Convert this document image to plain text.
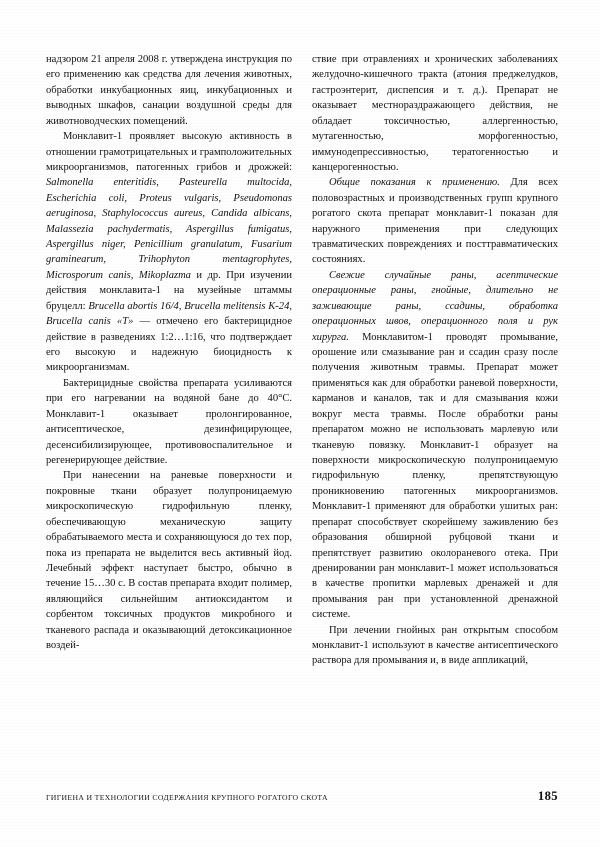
надзором 21 апреля 2008 г. утверждена инструкция по его применению как средства для лечения животных, обработки инкубационных яиц, инкубационных и выводных шкафов, санации воздушной среды для животноводческих помещений.

Монклавит-1 проявляет высокую активность в отношении грамотрицательных и грамположительных микроорганизмов, патогенных грибов и дрожжей: Salmonella enteritidis, Pasteurella multocida, Escherichia coli, Proteus vulgaris, Pseudomonas aeruginosa, Staphylococcus aureus, Candida albicans, Malassezia pachydermatis, Aspergillus fumigatus, Aspergillus niger, Penicillium granulatum, Fusarium graminearum, Trihophyton mentagrophytes, Microsporum canis, Mikoplazma и др. При изучении действия монклавита-1 на музейные штаммы бруцелл: Brucella abortis 16/4, Brucella melitensis K-24, Brucella canis «T» — отмечено его бактерицидное действие в разведениях 1:2…1:16, что подтверждает его высокую и надежную биоцидность к микроорганизмам.

Бактерицидные свойства препарата усиливаются при его нагревании на водяной бане до 40°С. Монклавит-1 оказывает пролонгированное, антисептическое, дезинфицирующее, десенсибилизирующее, противовоспалительное и регенерирующее действие.

При нанесении на раневые поверхности и покровные ткани образует полупроницаемую микроскопическую гидрофильную пленку, обеспечивающую механическую защиту обрабатываемого места и сохраняющуюся до тех пор, пока из препарата не выделится весь активный йод. Лечебный эффект наступает быстро, обычно в течение 15…30 с. В состав препарата входит полимер, являющийся сильнейшим антиоксидантом и сорбентом токсичных продуктов микробного и тканевого распада и оказывающий детоксикационное воздей-

ствие при отравлениях и хронических заболеваниях желудочно-кишечного тракта (атония преджелудков, гастроэнтерит, диспепсия и т. д.). Препарат не оказывает местнораздражающего действия, не обладает токсичностью, аллергенностью, мутагенностью, морфогенностью, иммунодепрессивностью, тератогенностью и канцерогенностью.

Общие показания к применению. Для всех половозрастных и производственных групп крупного рогатого скота препарат монклавит-1 показан для наружного применения при следующих травматических повреждениях и посттравматических состояниях.

Свежие случайные раны, асептические операционные раны, гнойные, длительно не заживающие раны, ссадины, обработка операционных швов, операционного поля и рук хирурга. Монклавитом-1 проводят промывание, орошение или смазывание ран и ссадин сразу после получения животным травмы. Препарат может применяться как для обработки раневой поверхности, карманов и каналов, так и для смазывания кожи вокруг места травмы. После обработки раны препаратом можно не использовать марлевую или тканевую повязку. Монклавит-1 образует на поверхности микроскопическую полупроницаемую гидрофильную пленку, препятствующую проникновению патогенных микроорганизмов. Монклавит-1 применяют для обработки ушитых ран: препарат способствует скорейшему заживлению без образования обширной рубцовой ткани и препятствует развитию околораневого отека. При дренировании ран монклавит-1 может использоваться в качестве пропитки марлевых дренажей и для промывания ран при установленной дренажной системе.

При лечении гнойных ран открытым способом монклавит-1 используют в качестве антисептического раствора для промывания и, в виде аппликаций,

ГИГИЕНА И ТЕХНОЛОГИИ СОДЕРЖАНИЯ КРУПНОГО РОГАТОГО СКОТА	185
